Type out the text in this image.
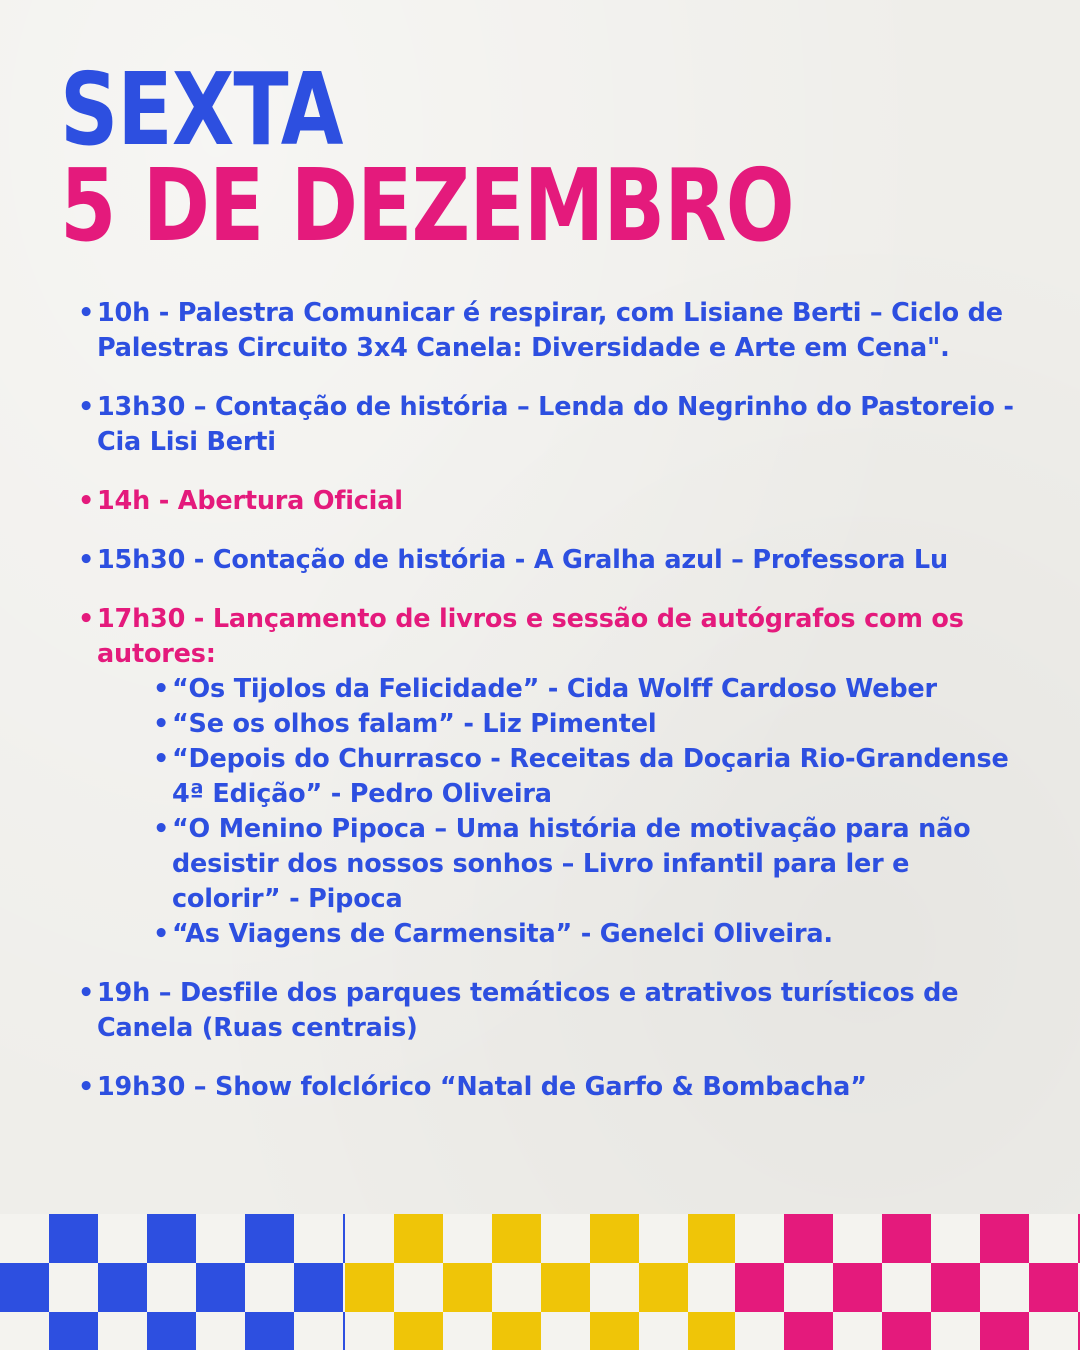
SEXTA
5 DE DEZEMBRO
• 10h - Palestra Comunicar é respirar, com Lisiane Berti – Ciclo de Palestras Circuito 3x4 Canela: Diversidade e Arte em Cena".
• 13h30 – Contação de história – Lenda do Negrinho do Pastoreio - Cia Lisi Berti
• 14h - Abertura Oficial
• 15h30 - Contação de história - A Gralha azul – Professora Lu
• 17h30 - Lançamento de livros e sessão de autógrafos com os autores:
• “Os Tijolos da Felicidade” - Cida Wolff Cardoso Weber
• “Se os olhos falam” - Liz Pimentel
• “Depois do Churrasco - Receitas da Doçaria Rio-Grandense 4ª Edição” - Pedro Oliveira
• “O Menino Pipoca – Uma história de motivação para não desistir dos nossos sonhos – Livro infantil para ler e colorir” - Pipoca
• “As Viagens de Carmensita” - Genelci Oliveira.
• 19h – Desfile dos parques temáticos e atrativos turísticos de Canela (Ruas centrais)
• 19h30 – Show folclórico “Natal de Garfo & Bombacha”
